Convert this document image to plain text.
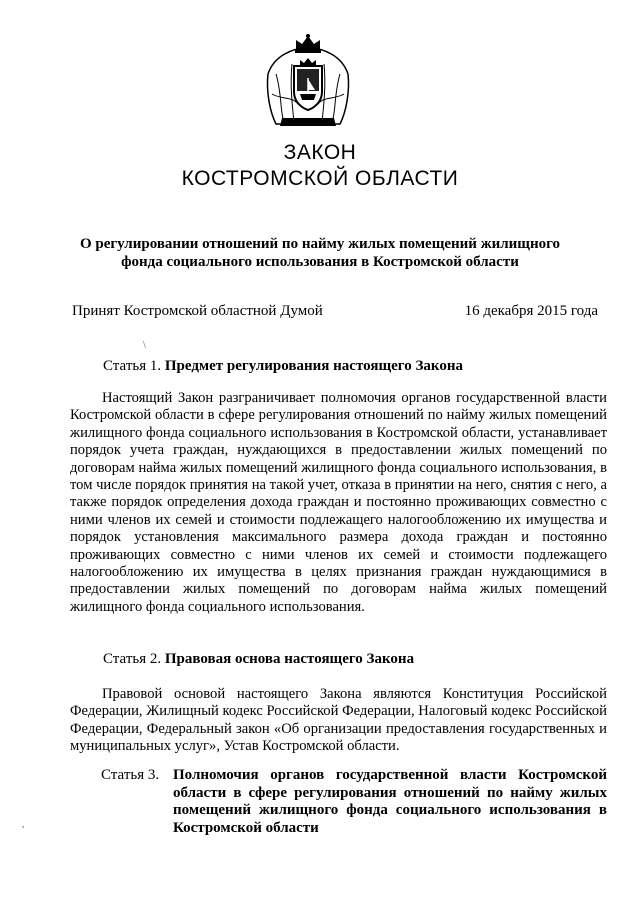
ЗАКОН
КОСТРОМСКОЙ ОБЛАСТИ
О регулировании отношений по найму жилых помещений жилищного фонда социального использования в Костромской области
Принят Костромской областной Думой	16 декабря 2015 года
\
Статья 1. Предмет регулирования настоящего Закона

Настоящий Закон разграничивает полномочия органов государственной власти Костромской области в сфере регулирования отношений по найму жилых помещений жилищного фонда социального использования в Костромской области, устанавливает порядок учета граждан, нуждающихся в предоставлении жилых помещений по договорам найма жилых помещений жилищного фонда социального использования, в том числе порядок принятия на такой учет, отказа в принятии на него, снятия с него, а также порядок определения дохода граждан и постоянно проживающих совместно с ними членов их семей и стоимости подлежащего налогообложению их имущества и порядок установления максимального размера дохода граждан и постоянно проживающих совместно с ними членов их семей и стоимости подлежащего налогообложению их имущества в целях признания граждан нуждающимися в предоставлении жилых помещений по договорам найма жилых помещений жилищного фонда социального использования.

Статья 2. Правовая основа настоящего Закона

Правовой основой настоящего Закона являются Конституция Российской Федерации, Жилищный кодекс Российской Федерации, Налоговый кодекс Российской Федерации, Федеральный закон «Об организации предоставления государственных и муниципальных услуг», Устав Костромской области.

Статья 3. Полномочия органов государственной власти Костромской области в сфере регулирования отношений по найму жилых помещений жилищного фонда социального использования в Костромской области
,
